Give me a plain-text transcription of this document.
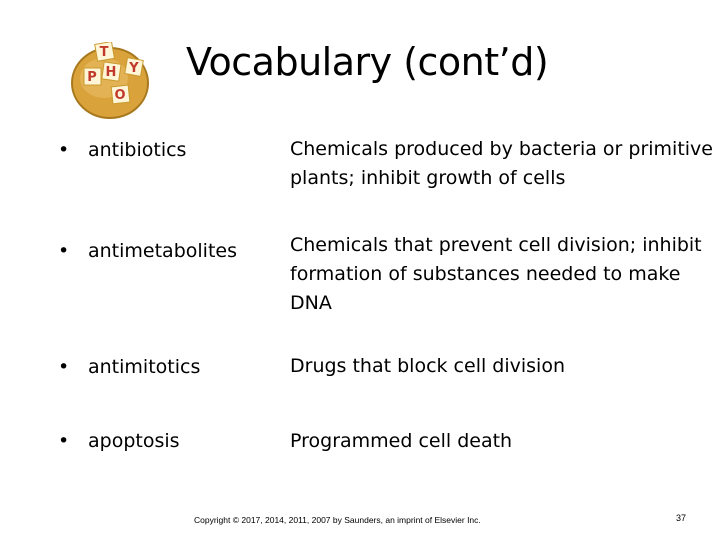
T
P H Y
O
Vocabulary (cont’d)
• antibiotics	Chemicals produced by bacteria or primitive plants; inhibit growth of cells
• antimetabolites	Chemicals that prevent cell division; inhibit formation of substances needed to make DNA
• antimitotics	Drugs that block cell division
• apoptosis	Programmed cell death
Copyright © 2017, 2014, 2011, 2007 by Saunders, an imprint of Elsevier Inc.	37
